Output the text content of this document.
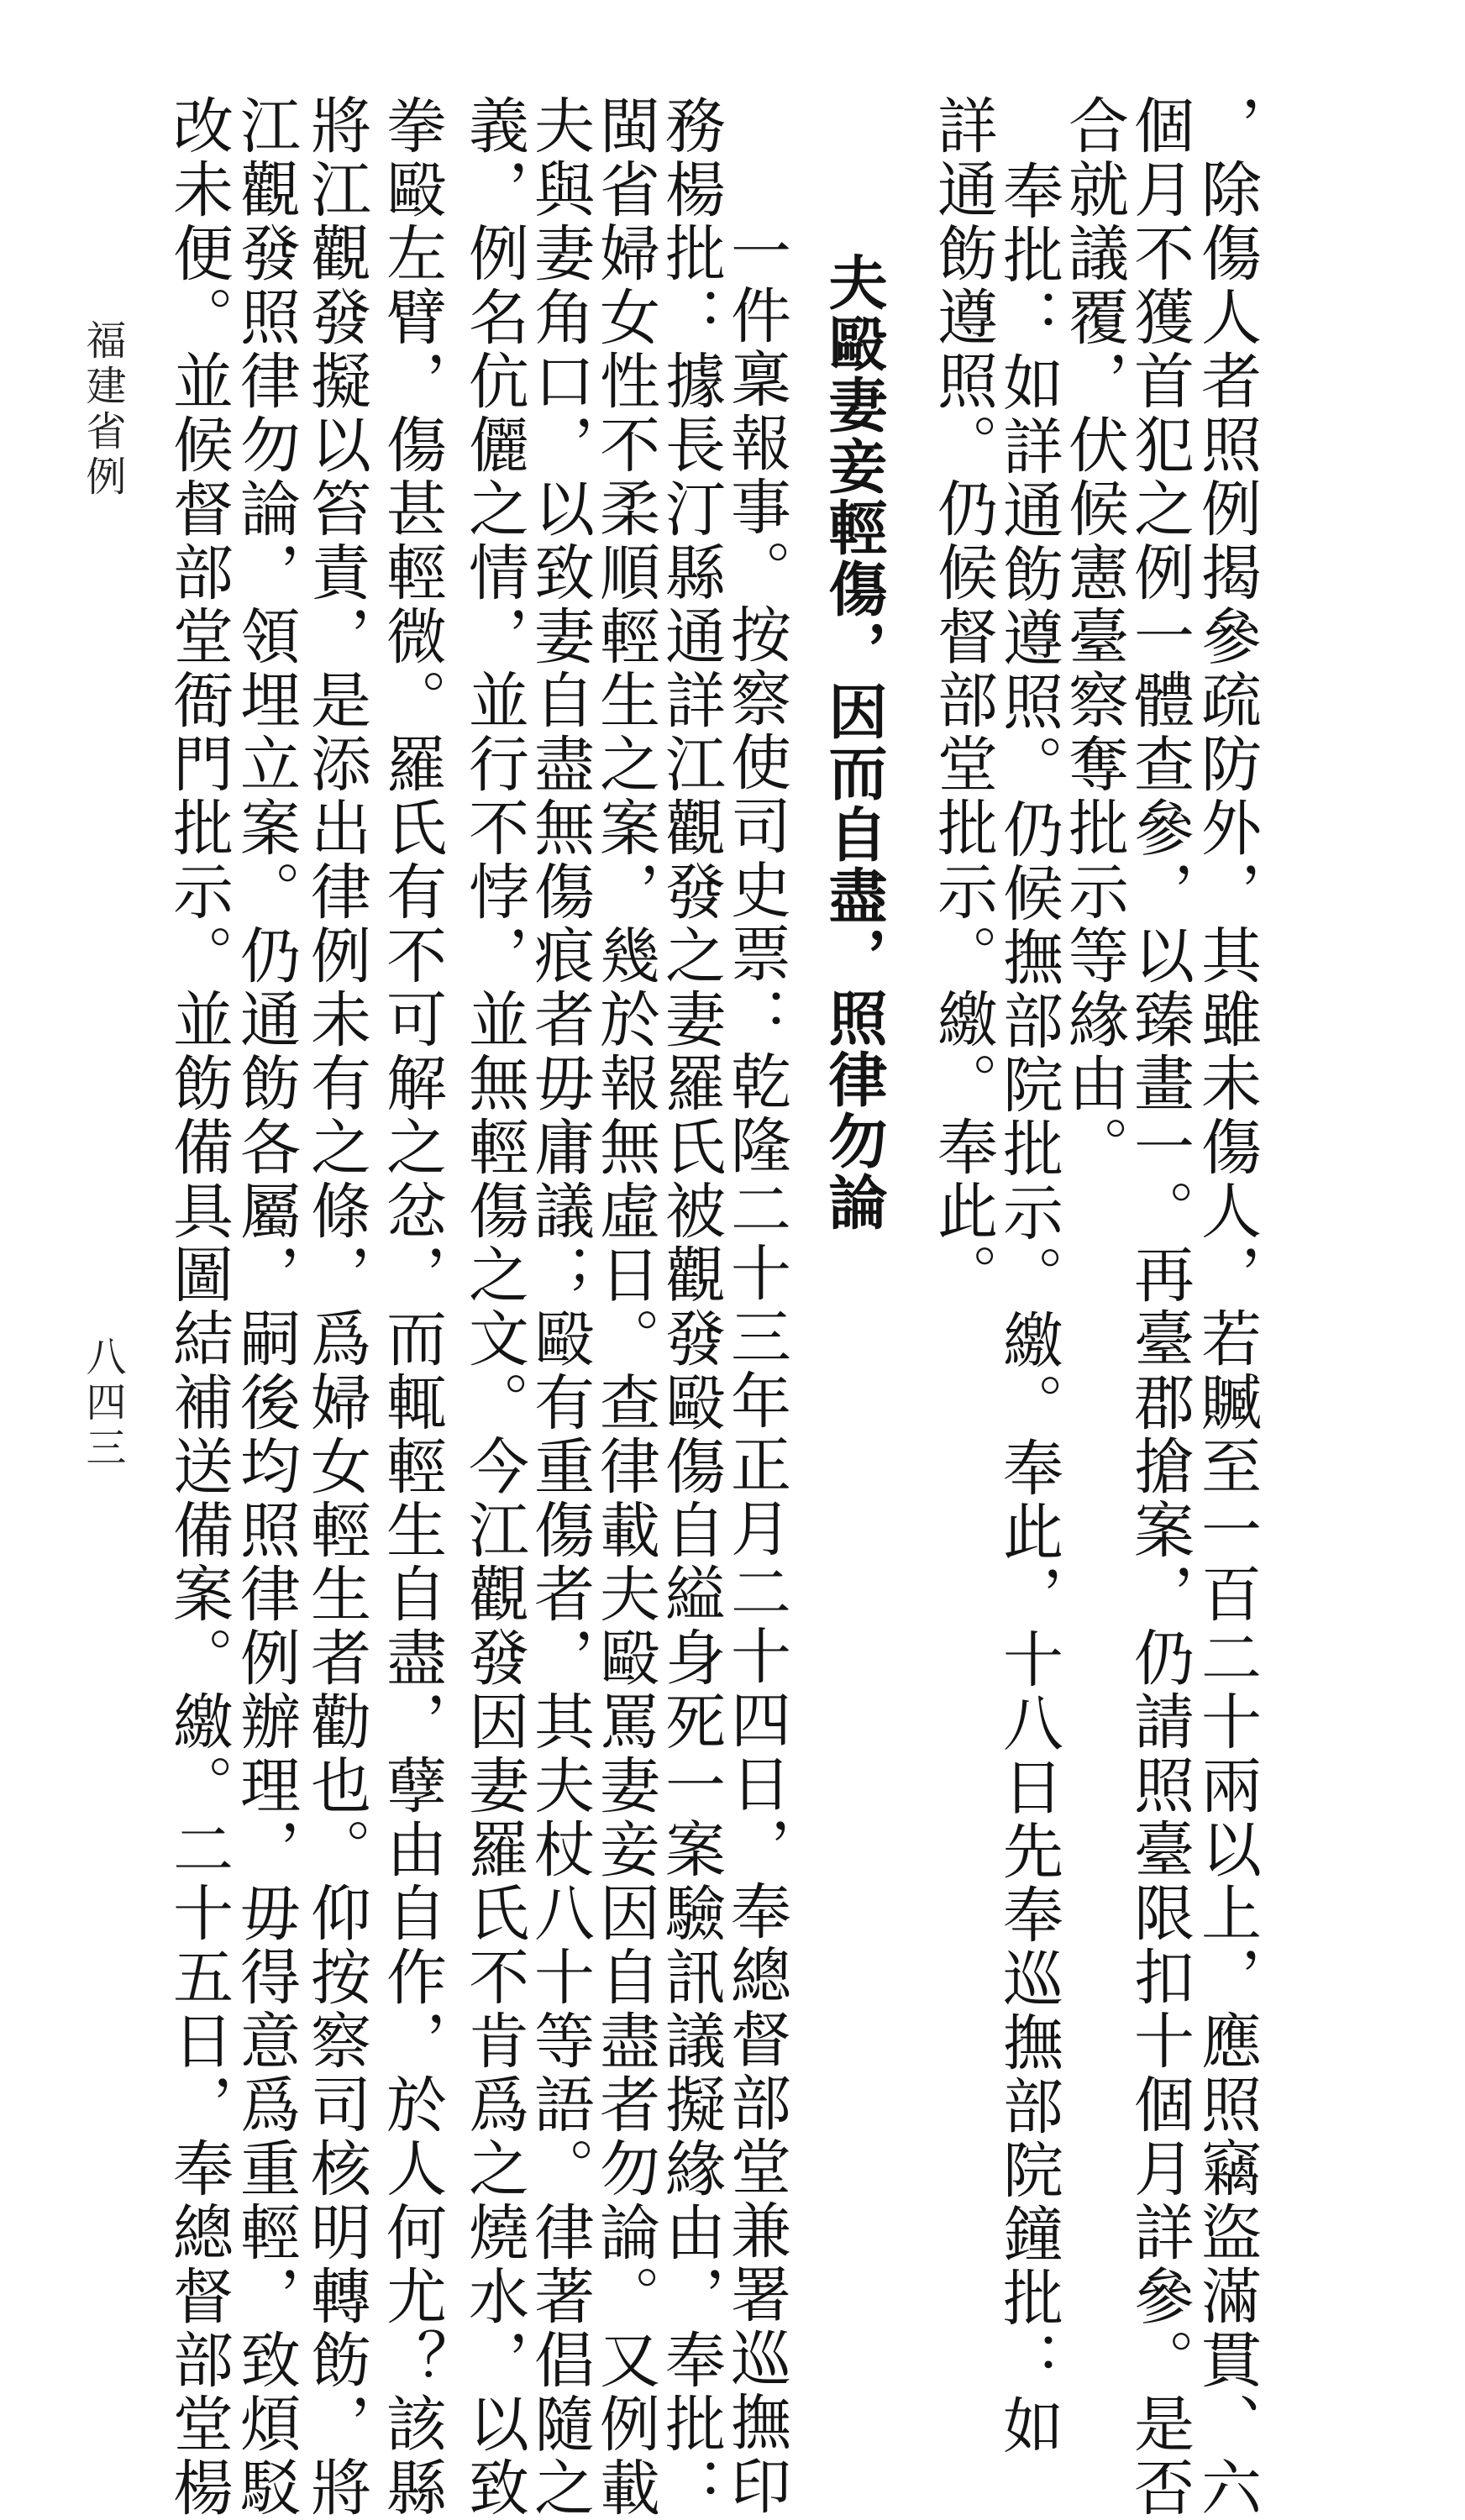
，除傷人者照例揭參疏防外，其雖未傷人，若贓至一百二十兩以上，應照竊盜滿貫、六
個月不獲首犯之例一體查參，以臻畫一。再臺郡搶案，仍請照臺限扣十個月詳參。是否
合就議覆，伏候憲臺察奪批示等緣由。
奉批：如詳通飭遵照。仍候撫部院批示。繳。奉此，十八日先奉巡撫部院鐘批：如
詳通飭遵照。仍候督部堂批示。繳。奉此。
夫毆妻妾輕傷，因而自盡，照律勿論
一件稟報事。按察使司史票：乾隆二十三年正月二十四日，奉總督部堂兼署巡撫印
務楊批：據長汀縣通詳江觀發之妻羅氏被觀發毆傷自縊身死一案驗訊議擬緣由，奉批：
閩省婦女性不柔順輕生之案，幾於報無虛日。查律載夫毆罵妻妾因自盡者勿論。又例載
夫與妻角口，以致妻自盡無傷痕者毋庸議；毆有重傷者，其夫杖八十等語。律著倡隨之
義，例名伉儷之情，並行不悖，並無輕傷之文。今江觀發因妻羅氏不肯爲之燒水，以致
拳毆左臂，傷甚輕微。羅氏有不可解之忿，而輒輕生自盡，孽由自作，於人何尤？該縣
將江觀發擬以笞責，是添出律例未有之條，爲婦女輕生者勸也。仰按察司核明轉飭，將
江觀發照律勿論，領埋立案。仍通飭各屬，嗣後均照律例辦理，毋得意爲重輕，致煩駁
改未便。並候督部堂衙門批示。並飭備具圖結補送備案。繳。二十五日，奉總督部堂楊
福建省例
八四三
